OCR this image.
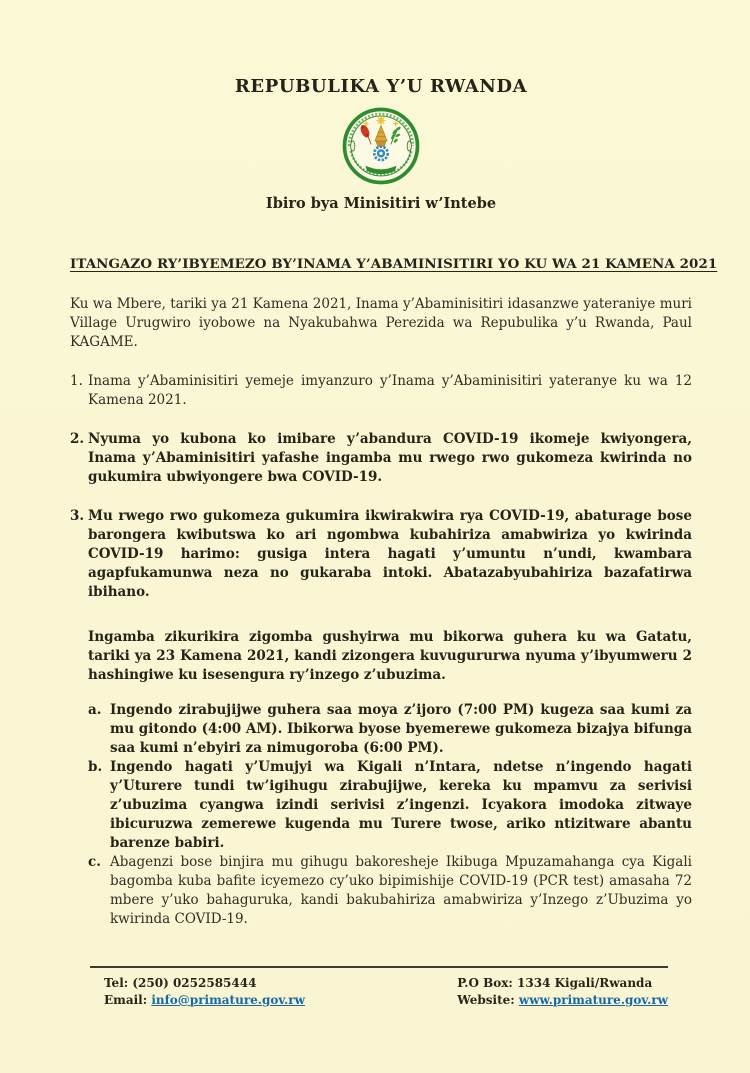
REPUBULIKA Y’U RWANDA
Ibiro bya Minisitiri w’Intebe
ITANGAZO RY’IBYEMEZO BY’INAMA Y’ABAMINISITIRI YO KU WA 21 KAMENA 2021

Ku wa Mbere, tariki ya 21 Kamena 2021, Inama y’Abaminisitiri idasanzwe yateraniye muri Village Urugwiro iyobowe na Nyakubahwa Perezida wa Repubulika y’u Rwanda, Paul KAGAME.

1. Inama y’Abaminisitiri yemeje imyanzuro y’Inama y’Abaminisitiri yateranye ku wa 12 Kamena 2021.
2. Nyuma yo kubona ko imibare y’abandura COVID-19 ikomeje kwiyongera, Inama y’Abaminisitiri yafashe ingamba mu rwego rwo gukomeza kwirinda no gukumira ubwiyongere bwa COVID-19.
3. Mu rwego rwo gukomeza gukumira ikwirakwira rya COVID-19, abaturage bose barongera kwibutswa ko ari ngombwa kubahiriza amabwiriza yo kwirinda COVID-19 harimo: gusiga intera hagati y’umuntu n’undi, kwambara agapfukamunwa neza no gukaraba intoki. Abatazabyubahiriza bazafatirwa ibihano.

Ingamba zikurikira zigomba gushyirwa mu bikorwa guhera ku wa Gatatu, tariki ya 23 Kamena 2021, kandi zizongera kuvugururwa nyuma y’ibyumweru 2 hashingiwe ku isesengura ry’inzego z’ubuzima.

a. Ingendo zirabujijwe guhera saa moya z’ijoro (7:00 PM) kugeza saa kumi za mu gitondo (4:00 AM). Ibikorwa byose byemerewe gukomeza bizajya bifunga saa kumi n’ebyiri za nimugoroba (6:00 PM).
b. Ingendo hagati y’Umujyi wa Kigali n’Intara, ndetse n’ingendo hagati y’Uturere tundi tw’igihugu zirabujijwe, kereka ku mpamvu za serivisi z’ubuzima cyangwa izindi serivisi z’ingenzi. Icyakora imodoka zitwaye ibicuruzwa zemerewe kugenda mu Turere twose, ariko ntizitware abantu barenze babiri.
c. Abagenzi bose binjira mu gihugu bakoresheje Ikibuga Mpuzamahanga cya Kigali bagomba kuba bafite icyemezo cy’uko bipimishije COVID-19 (PCR test) amasaha 72 mbere y’uko bahaguruka, kandi bakubahiriza amabwiriza y’Inzego z’Ubuzima yo kwirinda COVID-19.
Tel: (250) 0252585444
Email: info@primature.gov.rw
P.O Box: 1334 Kigali/Rwanda
Website: www.primature.gov.rw
